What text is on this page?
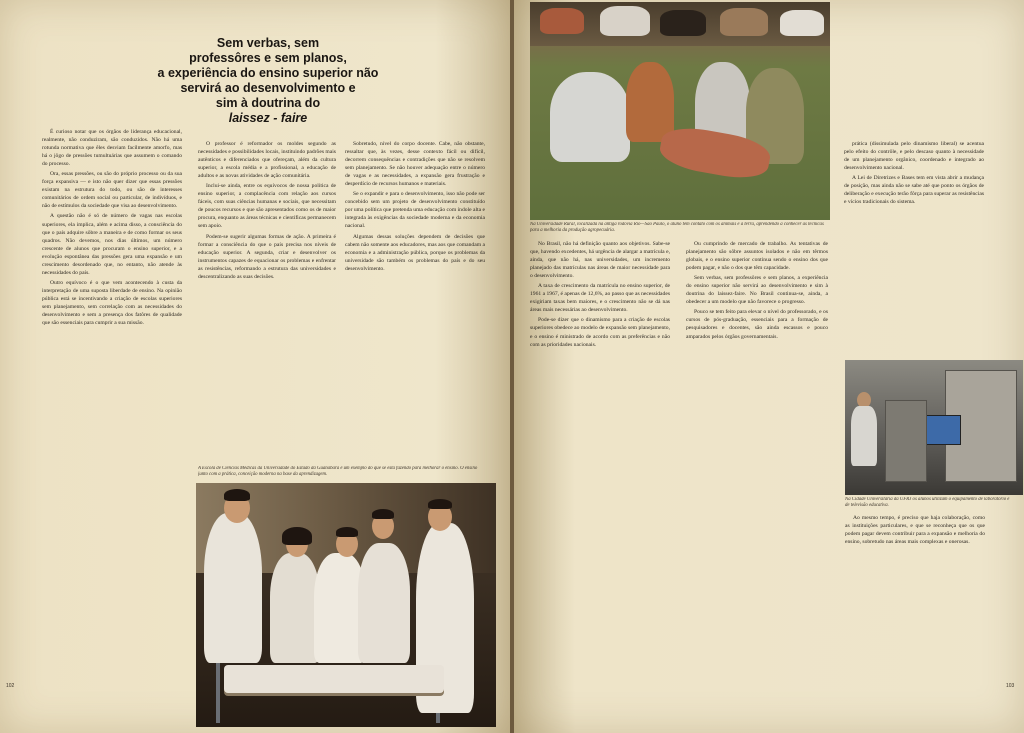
Sem verbas, sem
professôres e sem planos,
a experiência do ensino superior não
servirá ao desenvolvimento e
sim à doutrina do
laissez - faire

É curioso notar que os órgãos de liderança educacional, realmente, não conduziram, são conduzidos. Não há uma rotunda normativa que êles desviam facilmente amorfo, mas há o jôgo de pressões tumultuárias que assumem o comando do processo.

Ora, essas pressões, ou são do próprio processo ou da sua força expansiva — e isto não quer dizer que essas pressões existam na estrutura do todo, ou são de interesses comunitários de ordem social ou particular, de indivíduos, e não de estímulos da sociedade que visa ao desenvolvimento.

A questão não é só de número de vagas nas escolas superiores, ela implica, além e acima disso, a consciência do que o país adquire sôbre a maneira e de como formar os seus quadros. Não devemos, nos dias últimos, um número crescente de alunos que procuram o ensino superior, e a evolução espontânea das pressões gera uma expansão e um crescimento desordenado que, no entanto, não atende às necessidades do país.

Outro equívoco é o que vem acontecendo à custa da interpretação de uma suposta liberdade de ensino. Na opinião pública está se incentivando a criação de escolas superiores sem planejamento, sem correlação com as necessidades do desenvolvimento e sem a presença dos fatôres de qualidade que são essenciais para cumprir a sua missão.

O professor é reformador os moldes segundo as necessidades e possibilidades locais, instituindo padrões mais autênticos e diferenciados que ofereçam, além da cultura superior, a escola média e a profissional, a educação de adultos e as novas atividades de ação comunitária.

Inclui-se ainda, entre os equívocos de nossa política de ensino superior, a complacência com relação aos cursos fáceis, com suas ciências humanas e sociais, que necessitam de poucos recursos e que são apresentados como os de maior procura, enquanto as áreas técnicas e científicas permanecem sem apoio.

Podem-se sugerir algumas formas de ação. A primeira é formar a consciência do que o país precisa nos níveis de educação superior. A segunda, criar e desenvolver os instrumentos capazes de equacionar os problemas e enfrentar as resistências, reformando a estrutura das universidades e descentralizando as suas decisões.

Sobretudo, nível do corpo docente. Cabe, não obstante, ressaltar que, às vezes, desse contexto fácil ou difícil, decorrem consequências e contradições que não se resolvem sem planejamento. Se não houver adequação entre o número de vagas e as necessidades, a expansão gera frustração e desperdício de recursos humanos e materiais.

Se o expandir e para o desenvolvimento, isso não pode ser concebido sem um projeto de desenvolvimento constituído por uma política que pretenda uma educação com índole alta e integrada às exigências da sociedade moderna e da economia nacional.

Algumas dessas soluções dependem de decisões que cabem não somente aos educadores, mas aos que comandam a economia e a administração pública, porque os problemas da universidade são também os problemas do país e do seu desenvolvimento.

A Escola de Ciências Médicas da Universidade do Estado da Guanabara é um exemplo do que se está fazendo para melhorar o ensino. O ensino junto com a prática, conceição moderna na base da aprendizagem.
102
Na Universidade Rural, localizada na antiga rodovia Rio—São Paulo, o aluno tem contato com os animais e a terra, aprendendo a conhecer as técnicas para a melhoria da produção agropecuária.

No Brasil, não há definição quanto aos objetivos. Sabe-se que, havendo excedentes, há urgência de alargar a matrícula e, ainda, que não há, nas universidades, um incremento planejado das matrículas nas áreas de maior necessidade para o desenvolvimento.

A taxa de crescimento da matrícula no ensino superior, de 1961 a 1967, é apenas de 12,6%, ao passo que as necessidades exigiriam taxas bem maiores, e o crescimento não se dá nas áreas mais necessárias ao desenvolvimento.

Pode-se dizer que o dinamismo para a criação de escolas superiores obedece ao modelo de expansão sem planejamento, e o ensino é ministrado de acordo com as preferências e não com as prioridades nacionais.

Ou cumprindo de mercado de trabalho. As tentativas de planejamento são sôbre assuntos isolados e não em têrmos globais, e o ensino superior continua sendo o ensino dos que podem pagar, e não o dos que têm capacidade.

Sem verbas, sem professôres e sem planos, a experiência do ensino superior não servirá ao desenvolvimento e sim à doutrina do laissez-faire. No Brasil continua-se, ainda, a obedecer a um modelo que não favorece o progresso.

Pouco se tem feito para elevar o nível do professorado, e os cursos de pós-graduação, essenciais para a formação de pesquisadores e docentes, são ainda escassos e pouco amparados pelos órgãos governamentais.

prática (dissimulada pelo dinamismo liberal) se acentua pelo efeito do contrôle, e pelo descaso quanto à necessidade de um planejamento orgânico, coordenado e integrado ao desenvolvimento nacional.

A Lei de Diretrizes e Bases tem em vista abrir a mudança de posição, mas ainda não se sabe até que ponto os órgãos de deliberação e execução terão fôrça para superar as resistências e vícios tradicionais do sistema.

Na Cidade Universitária da UFRJ os alunos utilizam o equipamento de laboratório e de televisão educativa.

Ao mesmo tempo, é preciso que haja colaboração, como as instituições particulares, e que se reconheça que os que podem pagar devem contribuir para a expansão e melhoria do ensino, sobretudo nas áreas mais complexas e onerosas.

103
